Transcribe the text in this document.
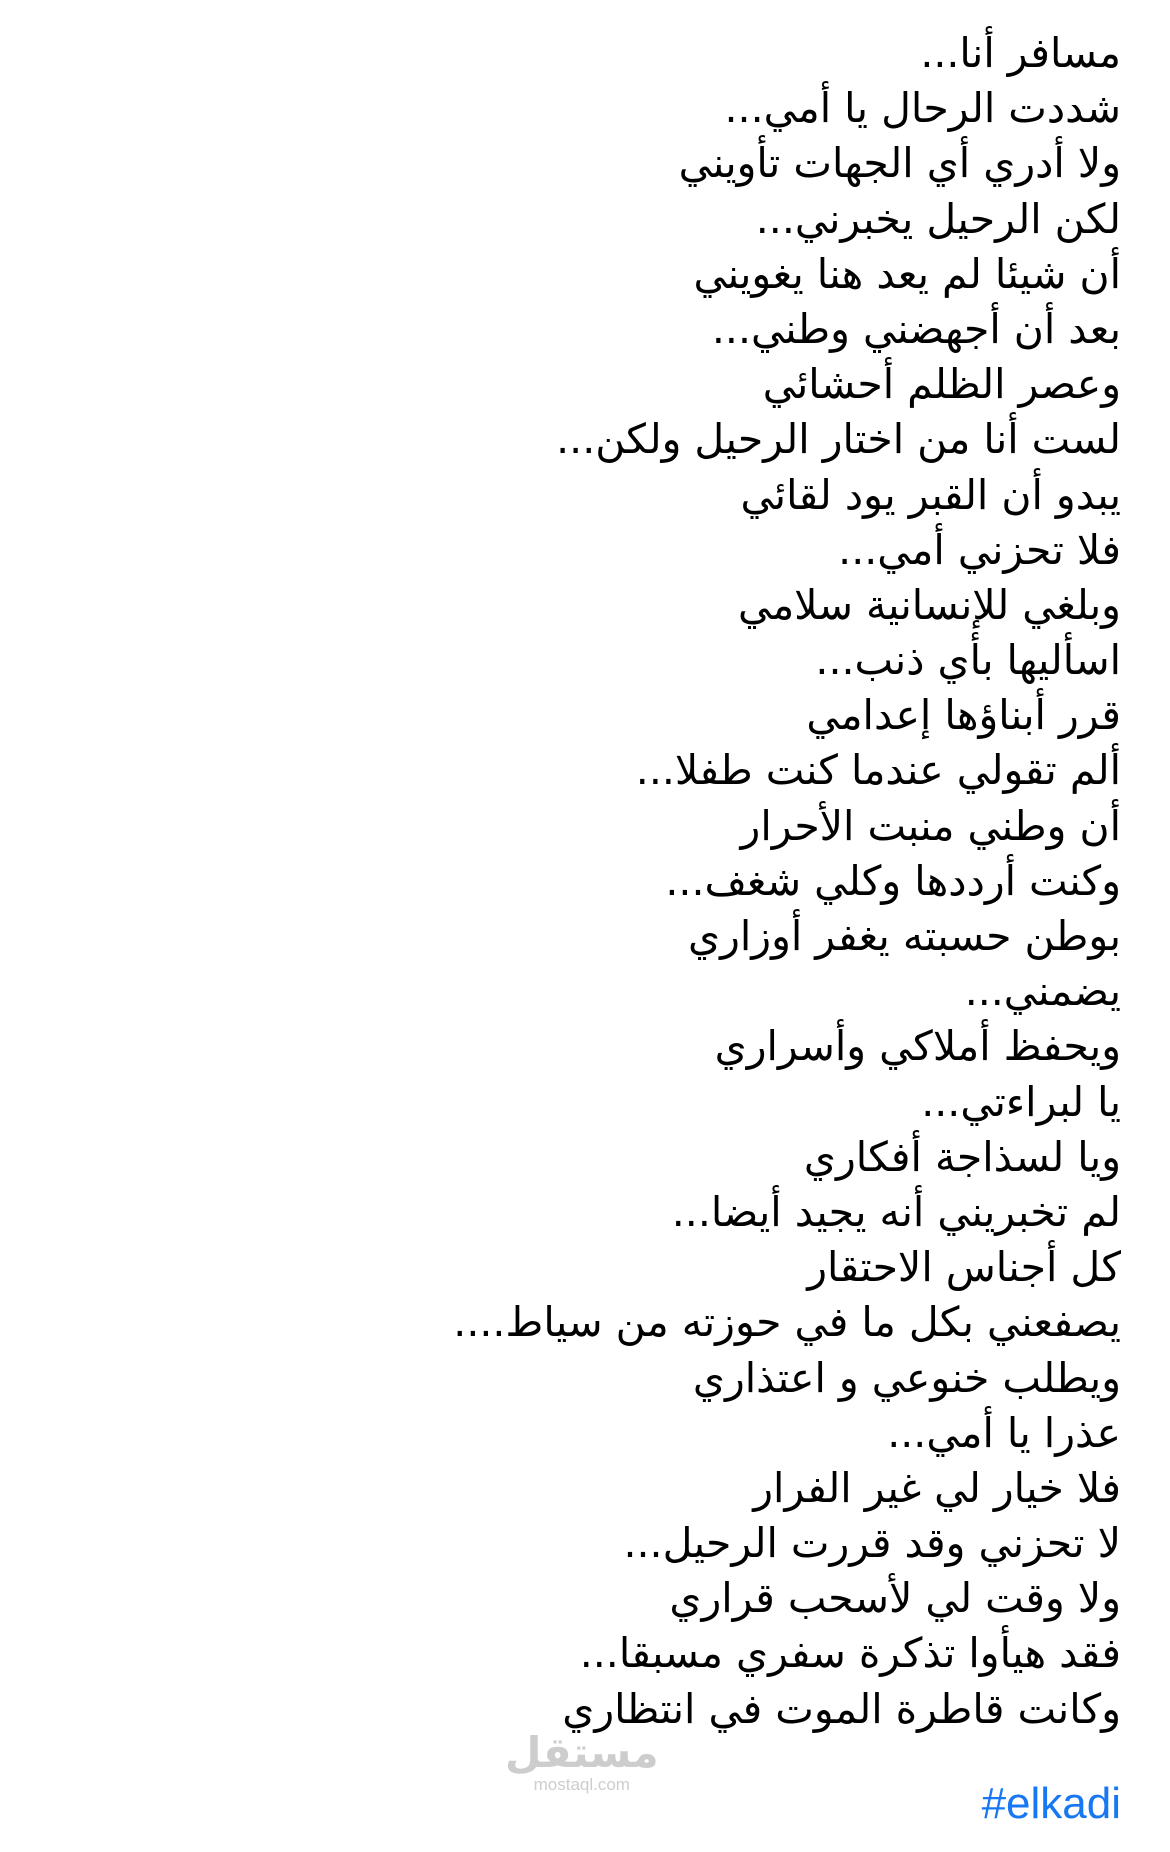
مسافر أنا...
شددت الرحال يا أمي...
ولا أدري أي الجهات تأويني
لكن الرحيل يخبرني...
أن شيئا لم يعد هنا يغويني
بعد أن أجهضني وطني...
وعصر الظلم أحشائي
لست أنا من اختار الرحيل ولكن...
يبدو أن القبر يود لقائي
فلا تحزني أمي...
وبلغي للإنسانية سلامي
اسأليها بأي ذنب...
قرر أبناؤها إعدامي
ألم تقولي عندما كنت طفلا...
أن وطني منبت الأحرار
وكنت أرددها وكلي شغف...
بوطن حسبته يغفر أوزاري
يضمني...
ويحفظ أملاكي وأسراري
يا لبراءتي...
ويا لسذاجة أفكاري
لم تخبريني أنه يجيد أيضا...
كل أجناس الاحتقار
يصفعني بكل ما في حوزته من سياط....
ويطلب خنوعي و اعتذاري
عذرا يا أمي...
فلا خيار لي غير الفرار
لا تحزني وقد قررت الرحيل...
ولا وقت لي لأسحب قراري
فقد هيأوا تذكرة سفري مسبقا...
وكانت قاطرة الموت في انتظاري
#elkadi
مستقل
mostaql.com
